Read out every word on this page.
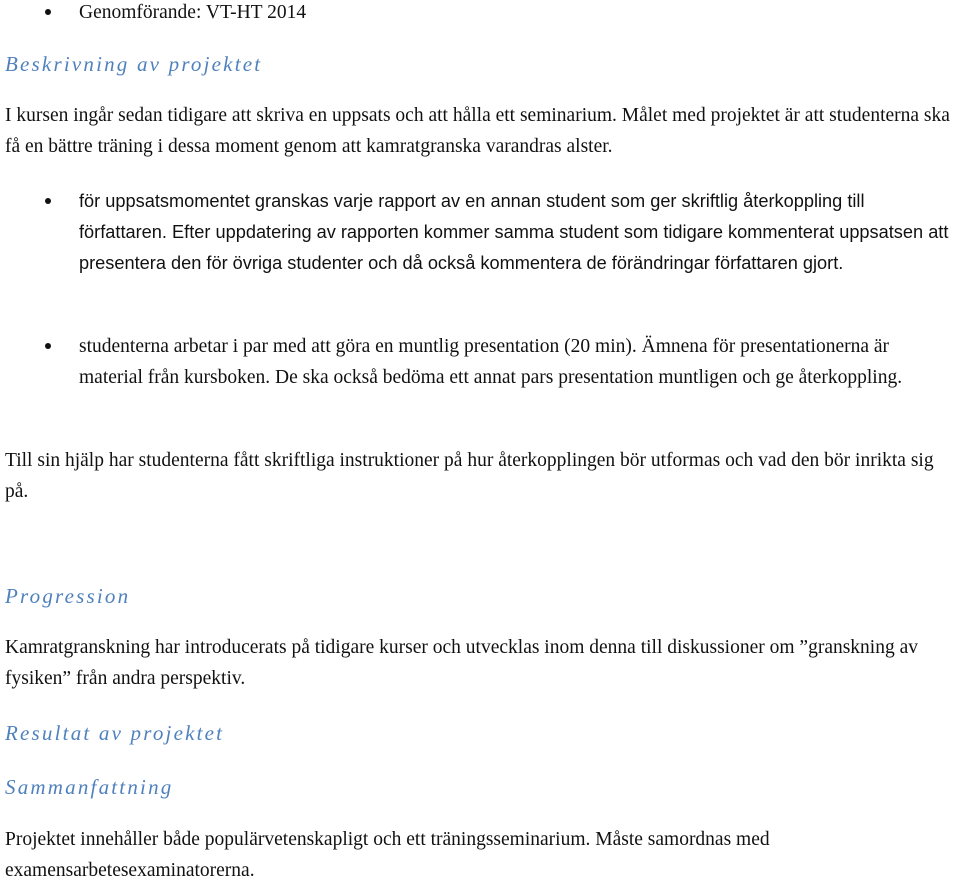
Genomförande: VT-HT 2014
Beskrivning av projektet
I kursen ingår sedan tidigare att skriva en uppsats och att hålla ett seminarium. Målet med projektet är att studenterna ska få en bättre träning i dessa moment genom att kamratgranska varandras alster.
för uppsatsmomentet granskas varje rapport av en annan student som ger skriftlig återkoppling till författaren. Efter uppdatering av rapporten kommer samma student som tidigare kommenterat uppsatsen att presentera den för övriga studenter och då också kommentera de förändringar författaren gjort.
studenterna arbetar i par med att göra en muntlig presentation (20 min). Ämnena för presentationerna är material från kursboken. De ska också bedöma ett annat pars presentation muntligen och ge återkoppling.
Till sin hjälp har studenterna fått skriftliga instruktioner på hur återkopplingen bör utformas och vad den bör inrikta sig på.
Progression
Kamratgranskning har introducerats på tidigare kurser och utvecklas inom denna till diskussioner om ”granskning av fysiken” från andra perspektiv.
Resultat av projektet
Sammanfattning
Projektet innehåller både populärvetenskapligt och ett träningsseminarium. Måste samordnas med examensarbetesexaminatorerna.
